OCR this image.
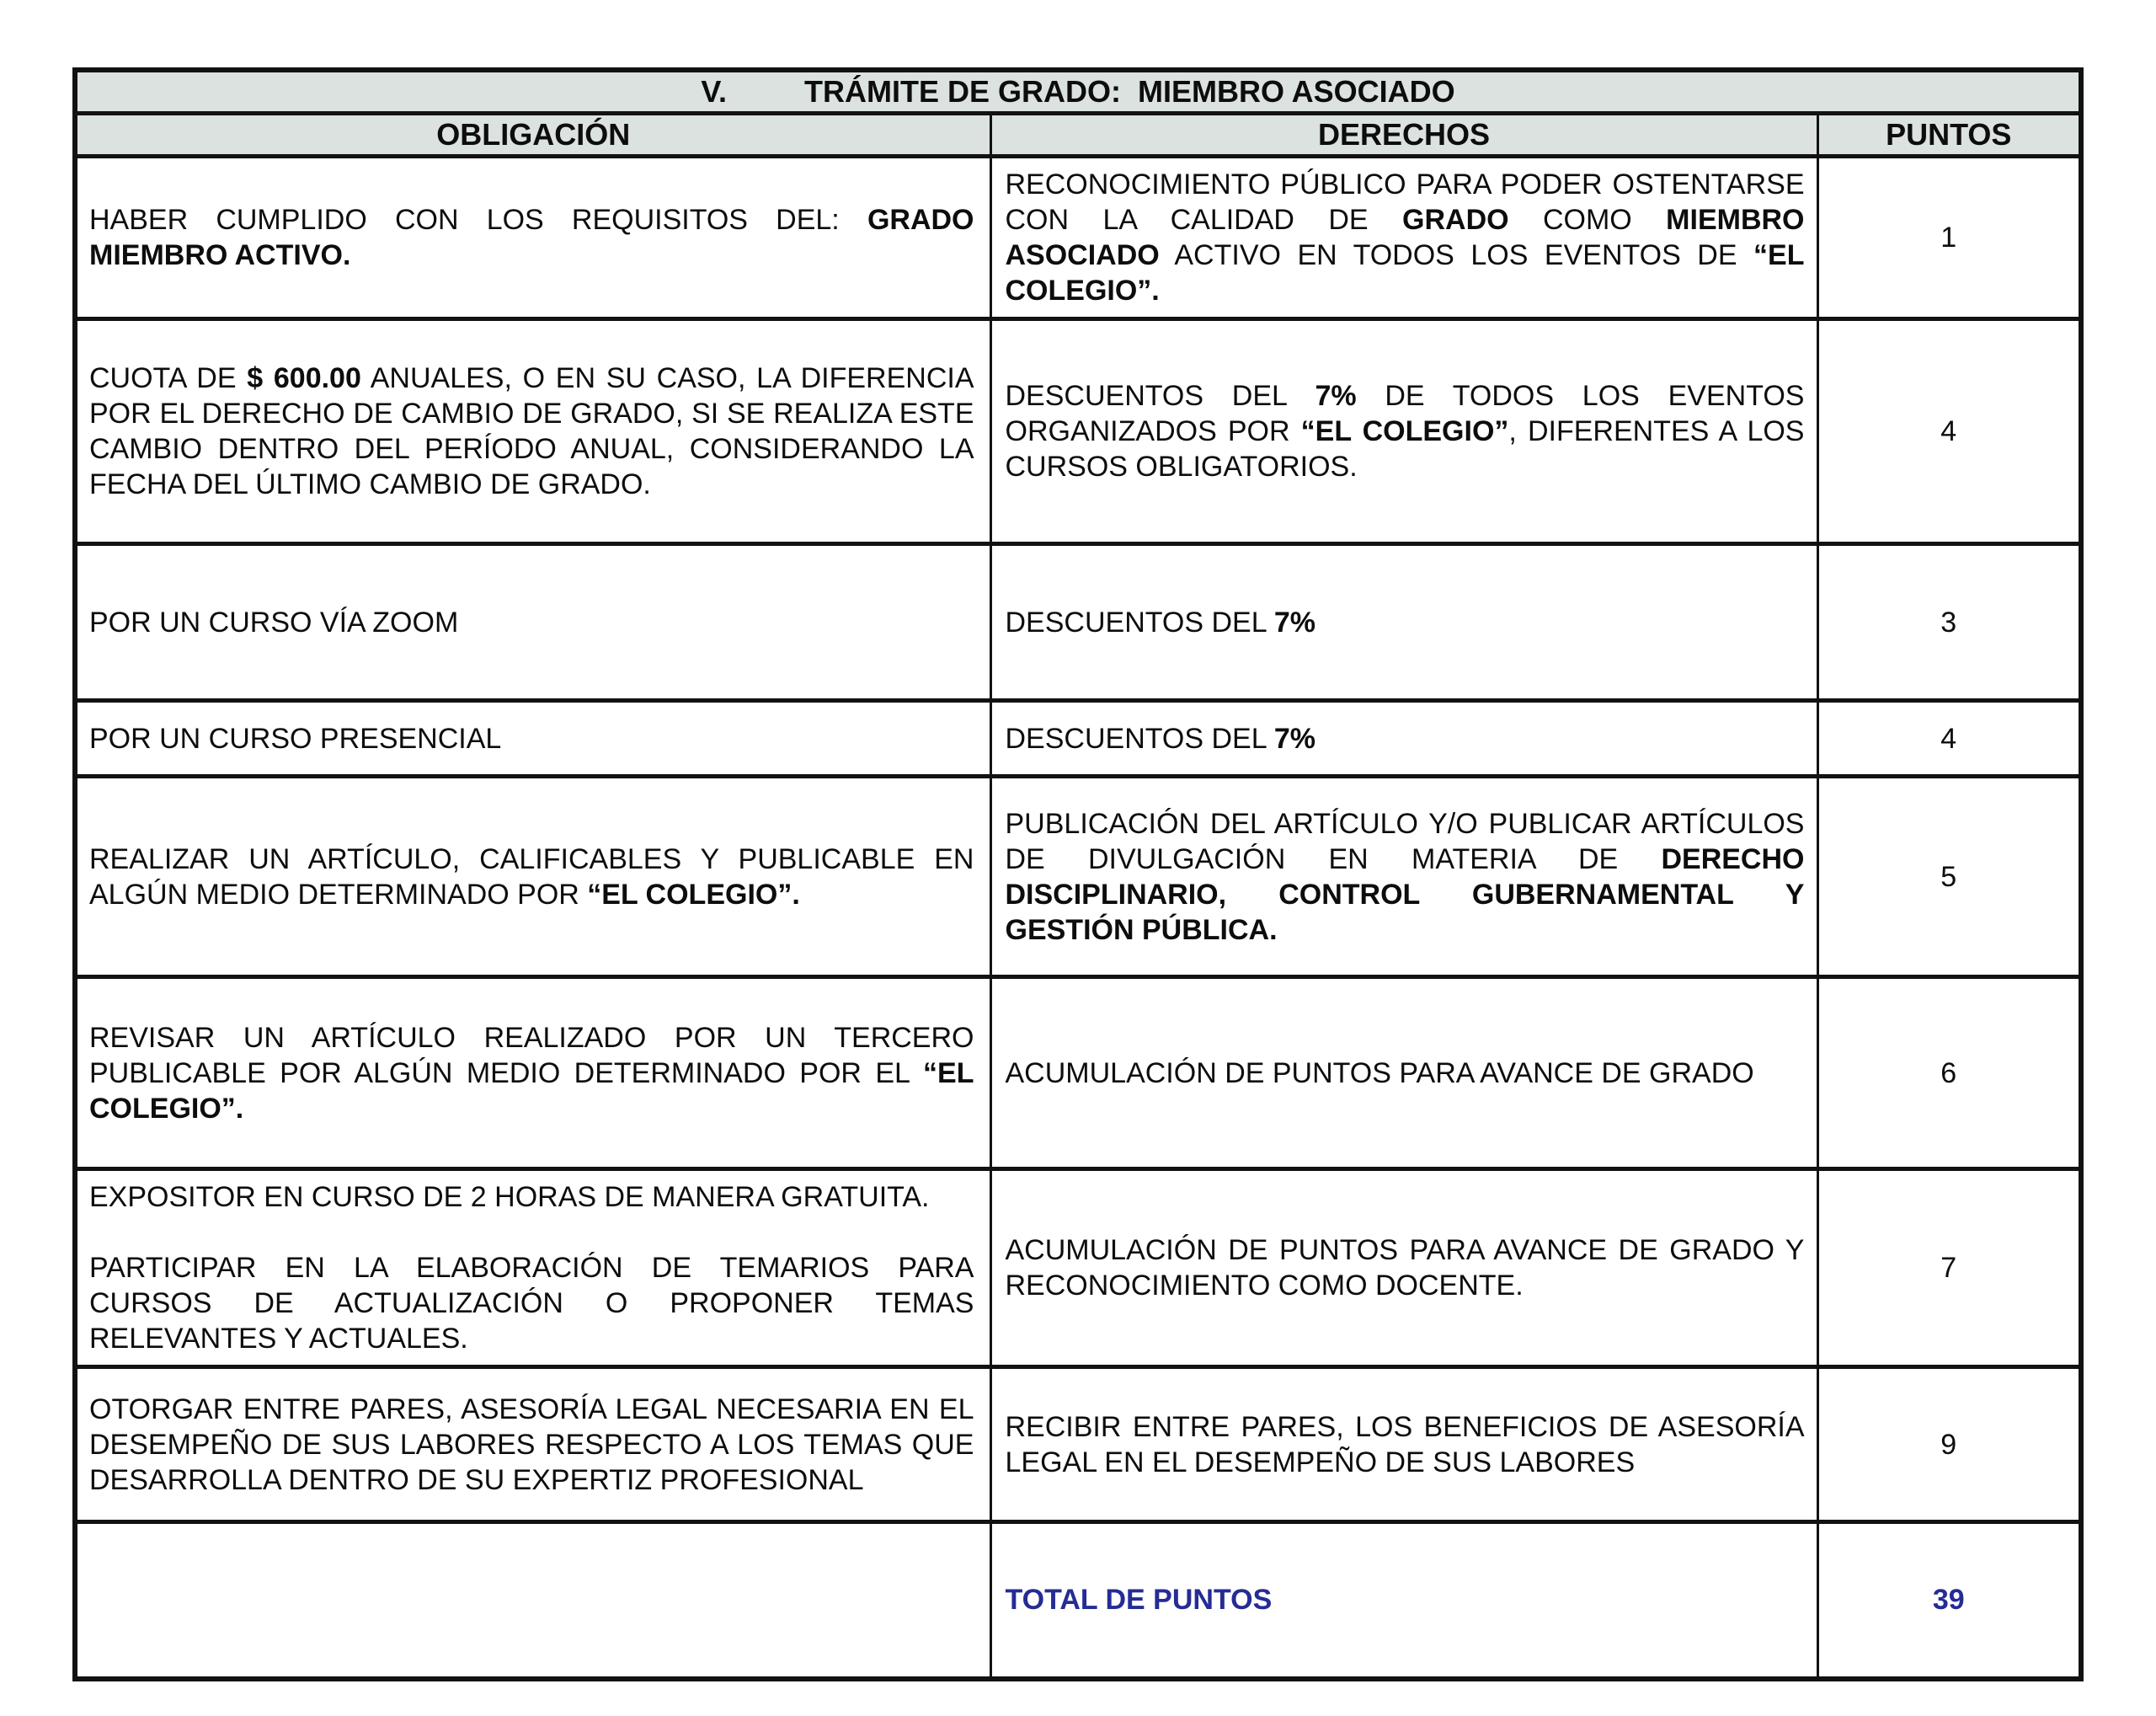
V. TRÁMITE DE GRADO:  MIEMBRO ASOCIADO		
OBLIGACIÓN	DERECHOS	PUNTOS

HABER CUMPLIDO CON LOS REQUISITOS DEL: GRADO MIEMBRO ACTIVO.	RECONOCIMIENTO PÚBLICO PARA PODER OSTENTARSE CON LA CALIDAD DE GRADO COMO MIEMBRO ASOCIADO ACTIVO EN TODOS LOS EVENTOS DE “EL COLEGIO”.	1

CUOTA DE $ 600.00 ANUALES, O EN SU CASO, LA DIFERENCIA POR EL DERECHO DE CAMBIO DE GRADO, SI SE REALIZA ESTE CAMBIO DENTRO DEL PERÍODO ANUAL, CONSIDERANDO LA FECHA DEL ÚLTIMO CAMBIO DE GRADO.	DESCUENTOS DEL 7% DE TODOS LOS EVENTOS ORGANIZADOS POR “EL COLEGIO”, DIFERENTES A LOS CURSOS OBLIGATORIOS.	4

POR UN CURSO VÍA ZOOM	DESCUENTOS DEL 7%	3

POR UN CURSO PRESENCIAL	DESCUENTOS DEL 7%	4

REALIZAR UN ARTÍCULO, CALIFICABLES Y PUBLICABLE EN ALGÚN MEDIO DETERMINADO POR “EL COLEGIO”.	PUBLICACIÓN DEL ARTÍCULO Y/O PUBLICAR ARTÍCULOS DE DIVULGACIÓN EN MATERIA DE DERECHO DISCIPLINARIO, CONTROL GUBERNAMENTAL Y GESTIÓN PÚBLICA.	5

REVISAR UN ARTÍCULO REALIZADO POR UN TERCERO PUBLICABLE POR ALGÚN MEDIO DETERMINADO POR EL “EL COLEGIO”.	ACUMULACIÓN DE PUNTOS PARA AVANCE DE GRADO	6

EXPOSITOR EN CURSO DE 2 HORAS DE MANERA GRATUITA.
PARTICIPAR EN LA ELABORACIÓN DE TEMARIOS PARA CURSOS DE ACTUALIZACIÓN O PROPONER TEMAS RELEVANTES Y ACTUALES.	ACUMULACIÓN DE PUNTOS PARA AVANCE DE GRADO Y RECONOCIMIENTO COMO DOCENTE.	7

OTORGAR ENTRE PARES, ASESORÍA LEGAL NECESARIA EN EL DESEMPEÑO DE SUS LABORES RESPECTO A LOS TEMAS QUE DESARROLLA DENTRO DE SU EXPERTIZ PROFESIONAL	RECIBIR ENTRE PARES, LOS BENEFICIOS DE ASESORÍA LEGAL EN EL DESEMPEÑO DE SUS LABORES	9
	TOTAL DE PUNTOS	39
